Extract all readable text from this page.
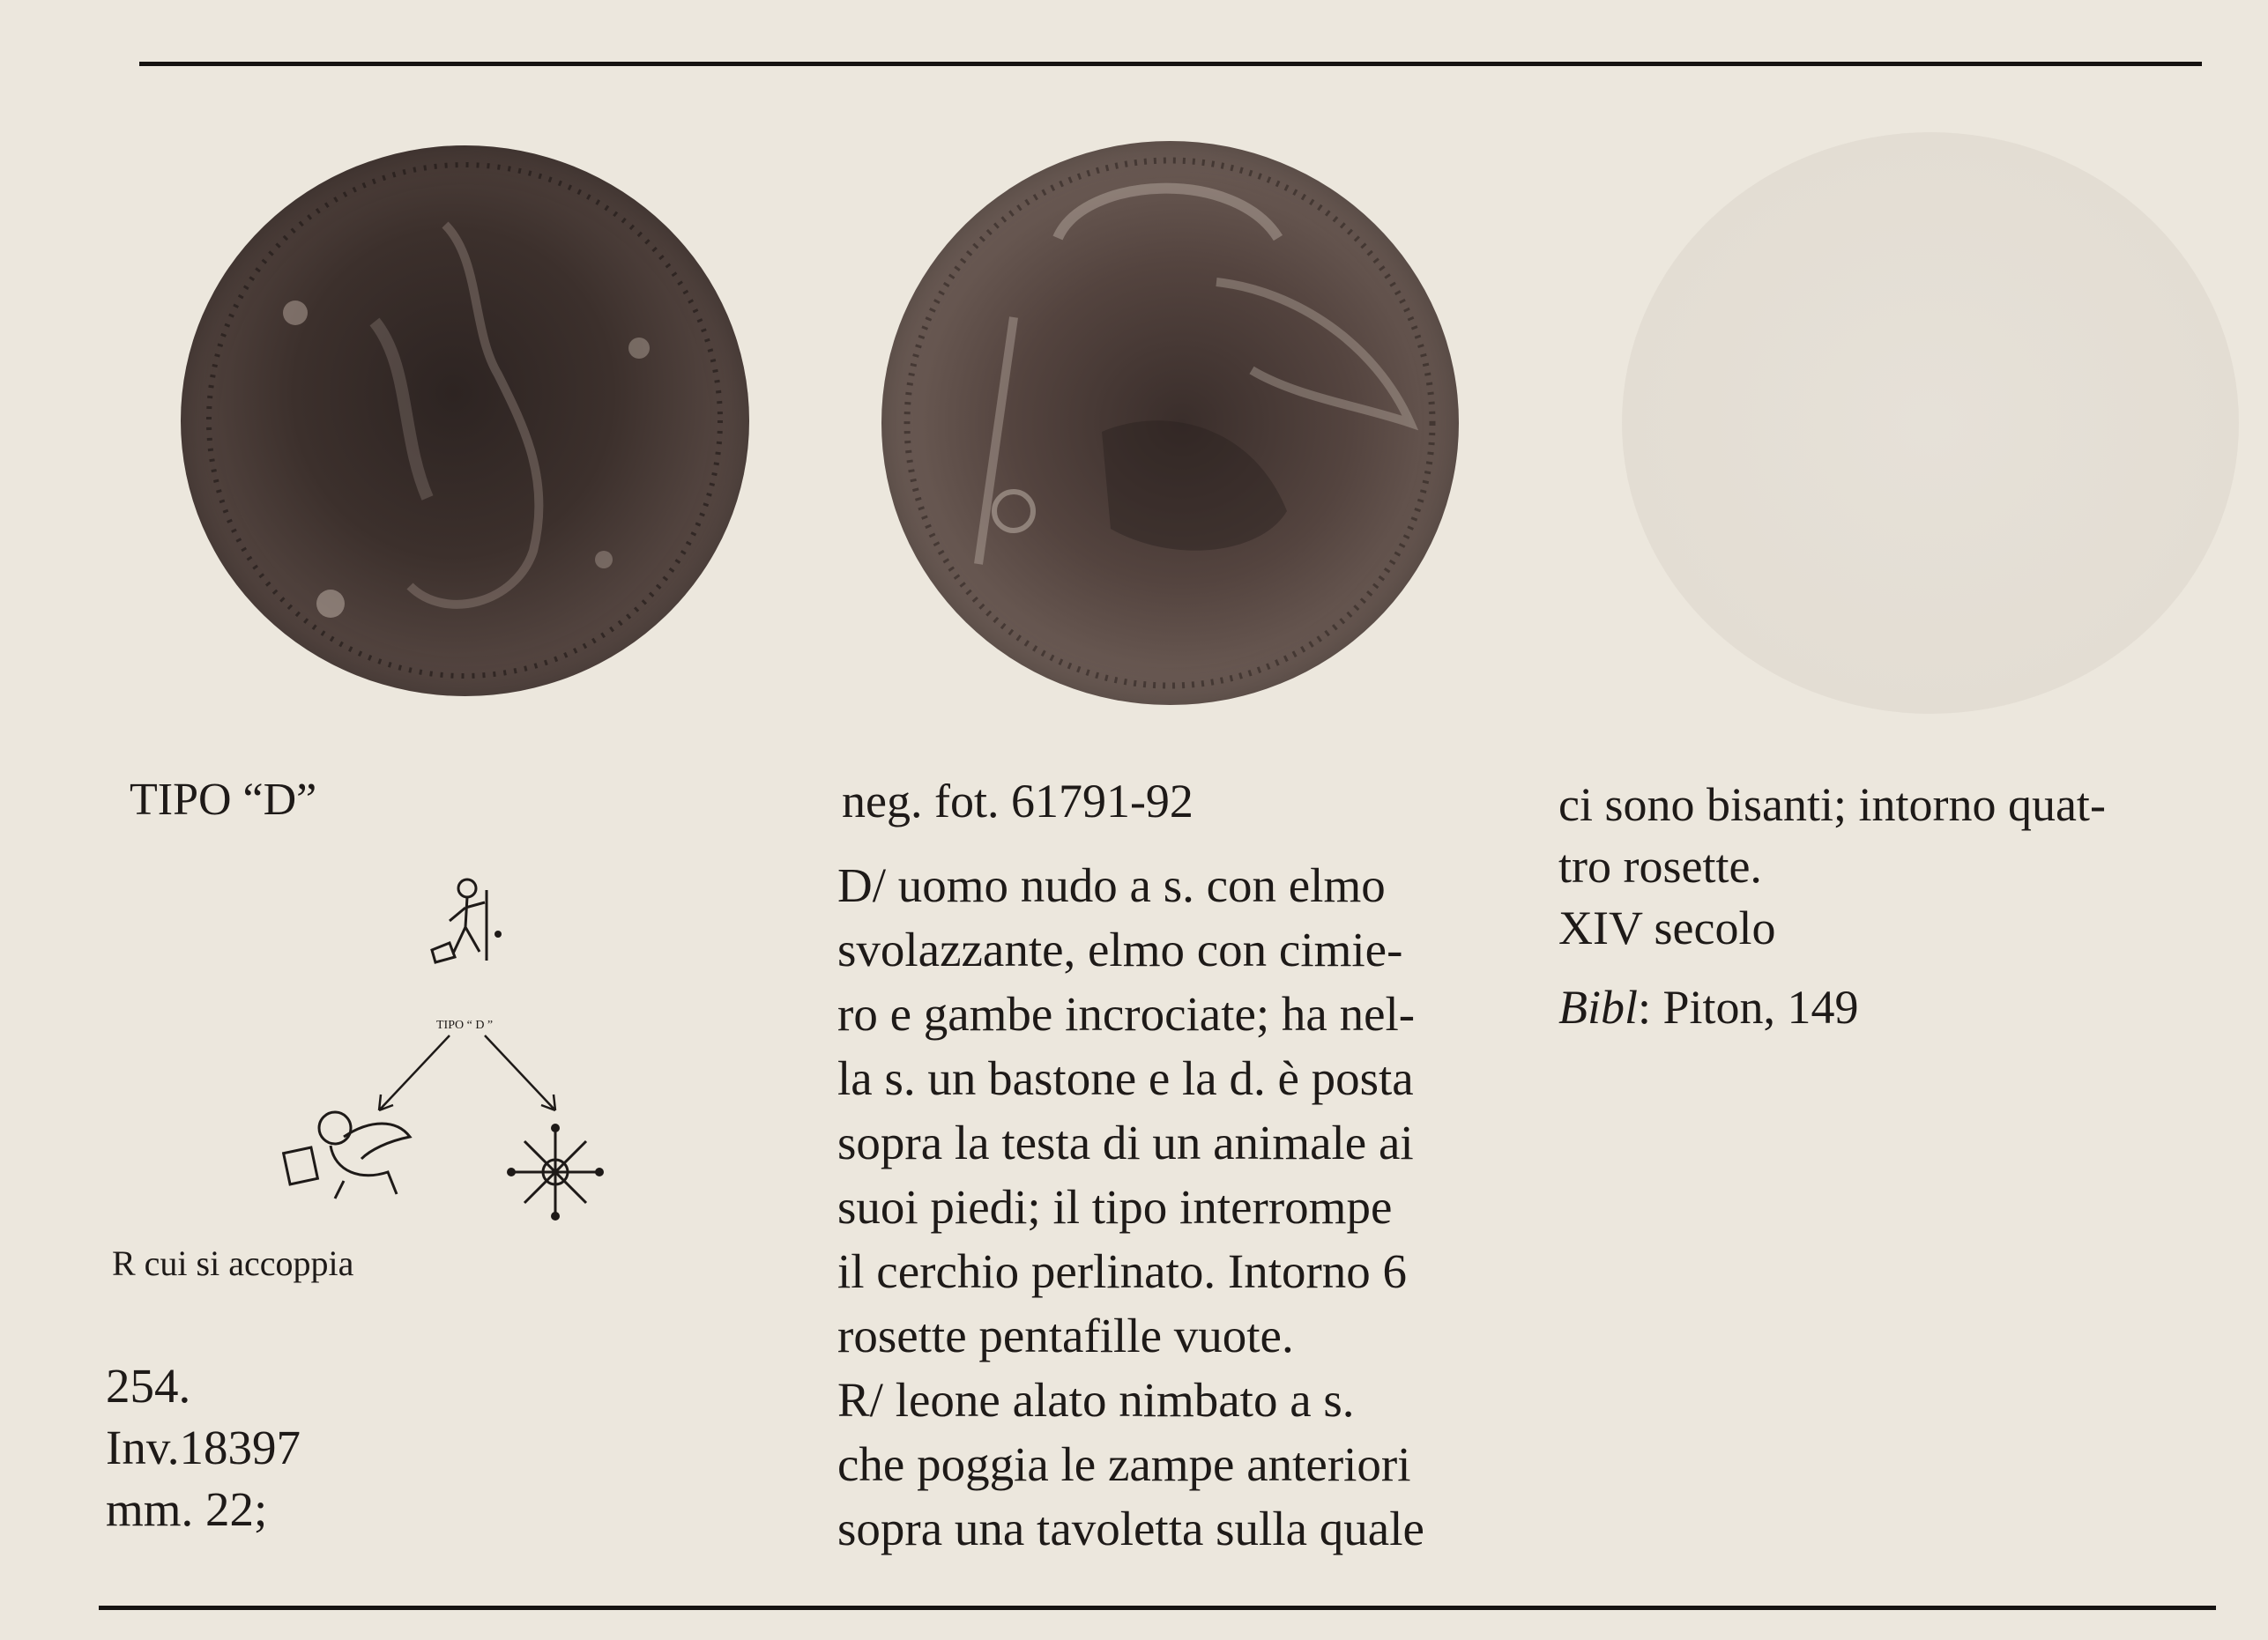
TIPO “D”
TIPO “ D ”
R cui si accoppia
254.
Inv.18397
mm. 22;
neg. fot. 61791-92
D/ uomo nudo a s. con elmo
svolazzante, elmo con cimie-
ro e gambe incrociate; ha nel-
la s. un bastone e la d. è posta
sopra la testa di un animale ai
suoi piedi; il tipo interrompe
il cerchio perlinato. Intorno 6
rosette pentafille vuote.
R/ leone alato nimbato a s.
che poggia le zampe anteriori
sopra una tavoletta sulla quale
ci sono bisanti; intorno quat-
tro rosette.
XIV secolo
Bibl: Piton, 149
